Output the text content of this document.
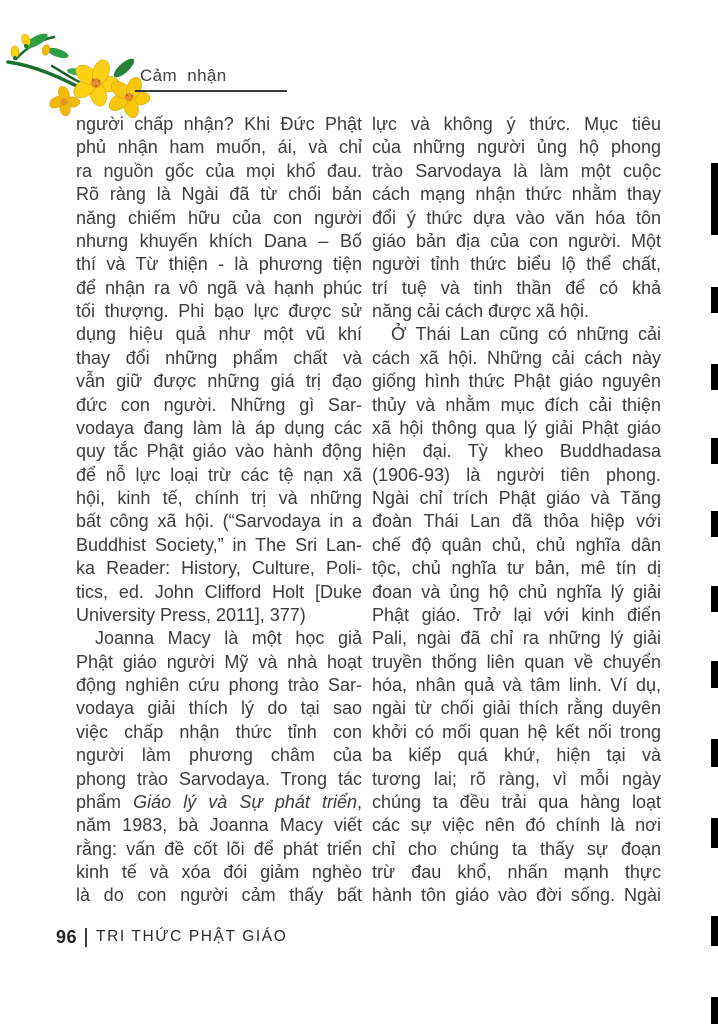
Cảm nhận
người chấp nhận? Khi Đức Phật
phủ nhận ham muốn, ái, và chỉ
ra nguồn gốc của mọi khổ đau.
Rõ ràng là Ngài đã từ chối bản
năng chiếm hữu của con người
nhưng khuyến khích Dana – Bố
thí và Từ thiện - là phương tiện
để nhận ra vô ngã và hạnh phúc
tối thượng. Phi bạo lực được sử
dụng hiệu quả như một vũ khí
thay đổi những phẩm chất và
vẫn giữ được những giá trị đạo
đức con người. Những gì Sar-
vodaya đang làm là áp dụng các
quy tắc Phật giáo vào hành động
để nỗ lực loại trừ các tệ nạn xã
hội, kinh tế, chính trị và những
bất công xã hội. (“Sarvodaya in a
Buddhist Society,” in The Sri Lan-
ka Reader: History, Culture, Poli-
tics, ed. John Clifford Holt [Duke
University Press, 2011], 377)
Joanna Macy là một học giả
Phật giáo người Mỹ và nhà hoạt
động nghiên cứu phong trào Sar-
vodaya giải thích lý do tại sao
việc chấp nhận thức tỉnh con
người làm phương châm của
phong trào Sarvodaya. Trong tác
phẩm Giáo lý và Sự phát triển,
năm 1983, bà Joanna Macy viết
rằng: vấn đề cốt lõi để phát triển
kinh tế và xóa đói giảm nghèo
là do con người cảm thấy bất
lực và không ý thức. Mục tiêu
của những người ủng hộ phong
trào Sarvodaya là làm một cuộc
cách mạng nhận thức nhằm thay
đổi ý thức dựa vào văn hóa tôn
giáo bản địa của con người. Một
người tỉnh thức biểu lộ thể chất,
trí tuệ và tinh thần để có khả
năng cải cách được xã hội.
Ở Thái Lan cũng có những cải
cách xã hội. Những cải cách này
giống hình thức Phật giáo nguyên
thủy và nhằm mục đích cải thiện
xã hội thông qua lý giải Phật giáo
hiện đại. Tỳ kheo Buddhadasa
(1906-93) là người tiên phong.
Ngài chỉ trích Phật giáo và Tăng
đoàn Thái Lan đã thỏa hiệp với
chế độ quân chủ, chủ nghĩa dân
tộc, chủ nghĩa tư bản, mê tín dị
đoan và ủng hộ chủ nghĩa lý giải
Phật giáo. Trở lại với kinh điển
Pali, ngài đã chỉ ra những lý giải
truyền thống liên quan về chuyển
hóa, nhân quả và tâm linh. Ví dụ,
ngài từ chối giải thích rằng duyên
khởi có mối quan hệ kết nối trong
ba kiếp quá khứ, hiện tại và
tương lai; rõ ràng, vì mỗi ngày
chúng ta đều trải qua hàng loạt
các sự việc nên đó chính là nơi
chỉ cho chúng ta thấy sự đoạn
trừ đau khổ, nhấn mạnh thực
hành tôn giáo vào đời sống. Ngài
96 TRI THỨC PHẬT GIÁO
